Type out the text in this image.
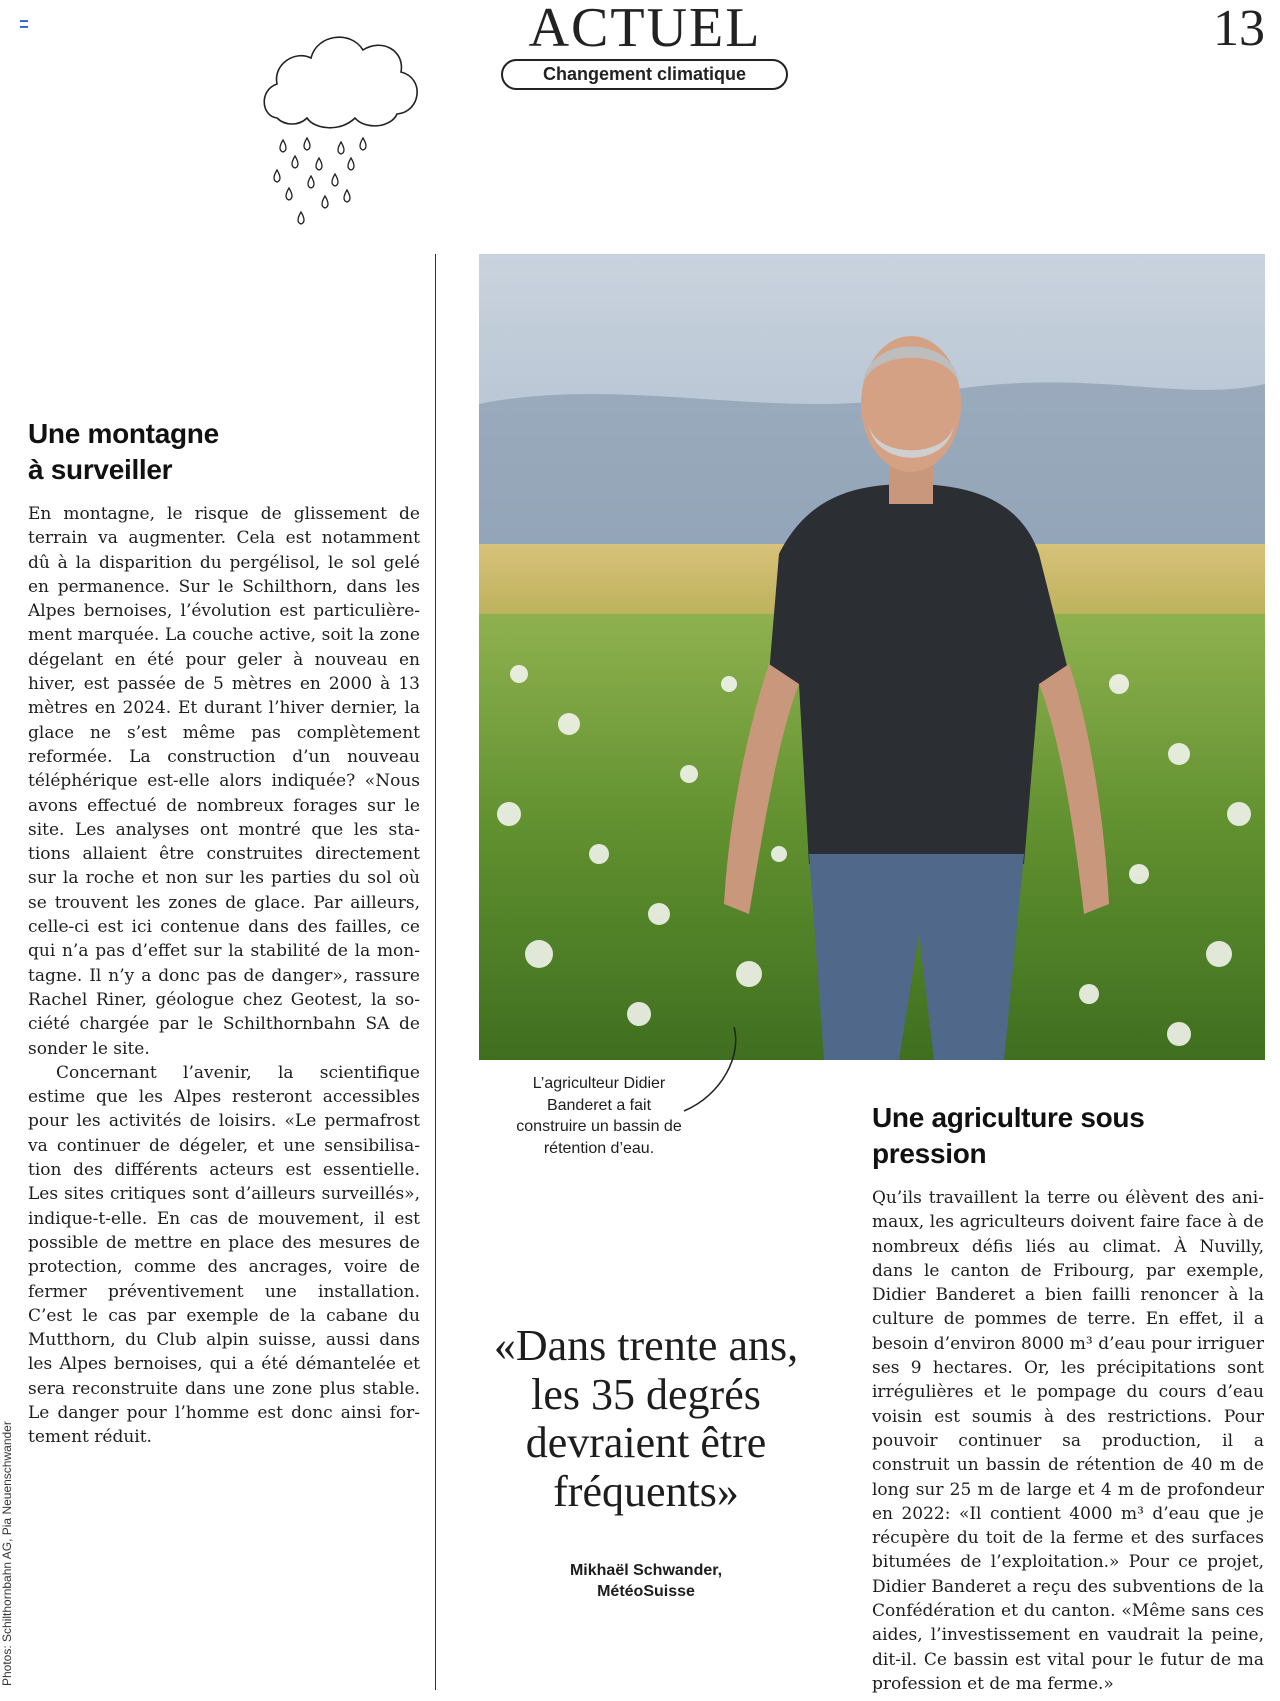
ACTUEL
Changement climatique
13
Photos: Schilthornbahn AG, Pia Neuenschwander
Une montagne
à surveiller

En montagne, le risque de glissement de terrain va augmenter. Cela est notamment dû à la disparition du pergélisol, le sol gelé en permanence. Sur le Schilthorn, dans les Alpes bernoises, l’évolution est particulièrement marquée. La couche active, soit la zone dégelant en été pour geler à nouveau en hiver, est passée de 5 mètres en 2000 à 13 mètres en 2024. Et durant l’hiver dernier, la glace ne s’est même pas complètement reformée. La construction d’un nouveau téléphérique est-elle alors indiquée? «Nous avons effectué de nombreux forages sur le site. Les analyses ont montré que les stations allaient être construites directement sur la roche et non sur les parties du sol où se trouvent les zones de glace. Par ailleurs, celle-ci est ici contenue dans des failles, ce qui n’a pas d’effet sur la stabilité de la montagne. Il n’y a donc pas de danger», rassure Rachel Riner, géologue chez Geotest, la société chargée par le Schilthornbahn SA de sonder le site.

Concernant l’avenir, la scientifique estime que les Alpes resteront accessibles pour les activités de loisirs. «Le permafrost va continuer de dégeler, et une sensibilisation des différents acteurs est essentielle. Les sites critiques sont d’ailleurs surveillés», indique-t-elle. En cas de mouvement, il est possible de mettre en place des mesures de protection, comme des ancrages, voire de fermer préventivement une installation. C’est le cas par exemple de la cabane du Mutthorn, du Club alpin suisse, aussi dans les Alpes bernoises, qui a été démantelée et sera reconstruite dans une zone plus stable. Le danger pour l’homme est donc ainsi fortement réduit.

L’agriculteur Didier Banderet a fait construire un bassin de rétention d’eau.
«Dans trente ans, les 35 degrés devraient être fréquents»
Mikhaël Schwander,
MétéoSuisse
Une agriculture sous
pression

Qu’ils travaillent la terre ou élèvent des animaux, les agriculteurs doivent faire face à de nombreux défis liés au climat. À Nuvilly, dans le canton de Fribourg, par exemple, Didier Banderet a bien failli renoncer à la culture de pommes de terre. En effet, il a besoin d’environ 8000 m³ d’eau pour irriguer ses 9 hectares. Or, les précipitations sont irrégulières et le pompage du cours d’eau voisin est soumis à des restrictions. Pour pouvoir continuer sa production, il a construit un bassin de rétention de 40 m de long sur 25 m de large et 4 m de profondeur en 2022: «Il contient 4000 m³ d’eau que je récupère du toit de la ferme et des surfaces bitumées de l’exploitation.» Pour ce projet, Didier Banderet a reçu des subventions de la Confédération et du canton. «Même sans ces aides, l’investissement en vaudrait la peine, dit-il. Ce bassin est vital pour le futur de ma profession et de ma ferme.»
